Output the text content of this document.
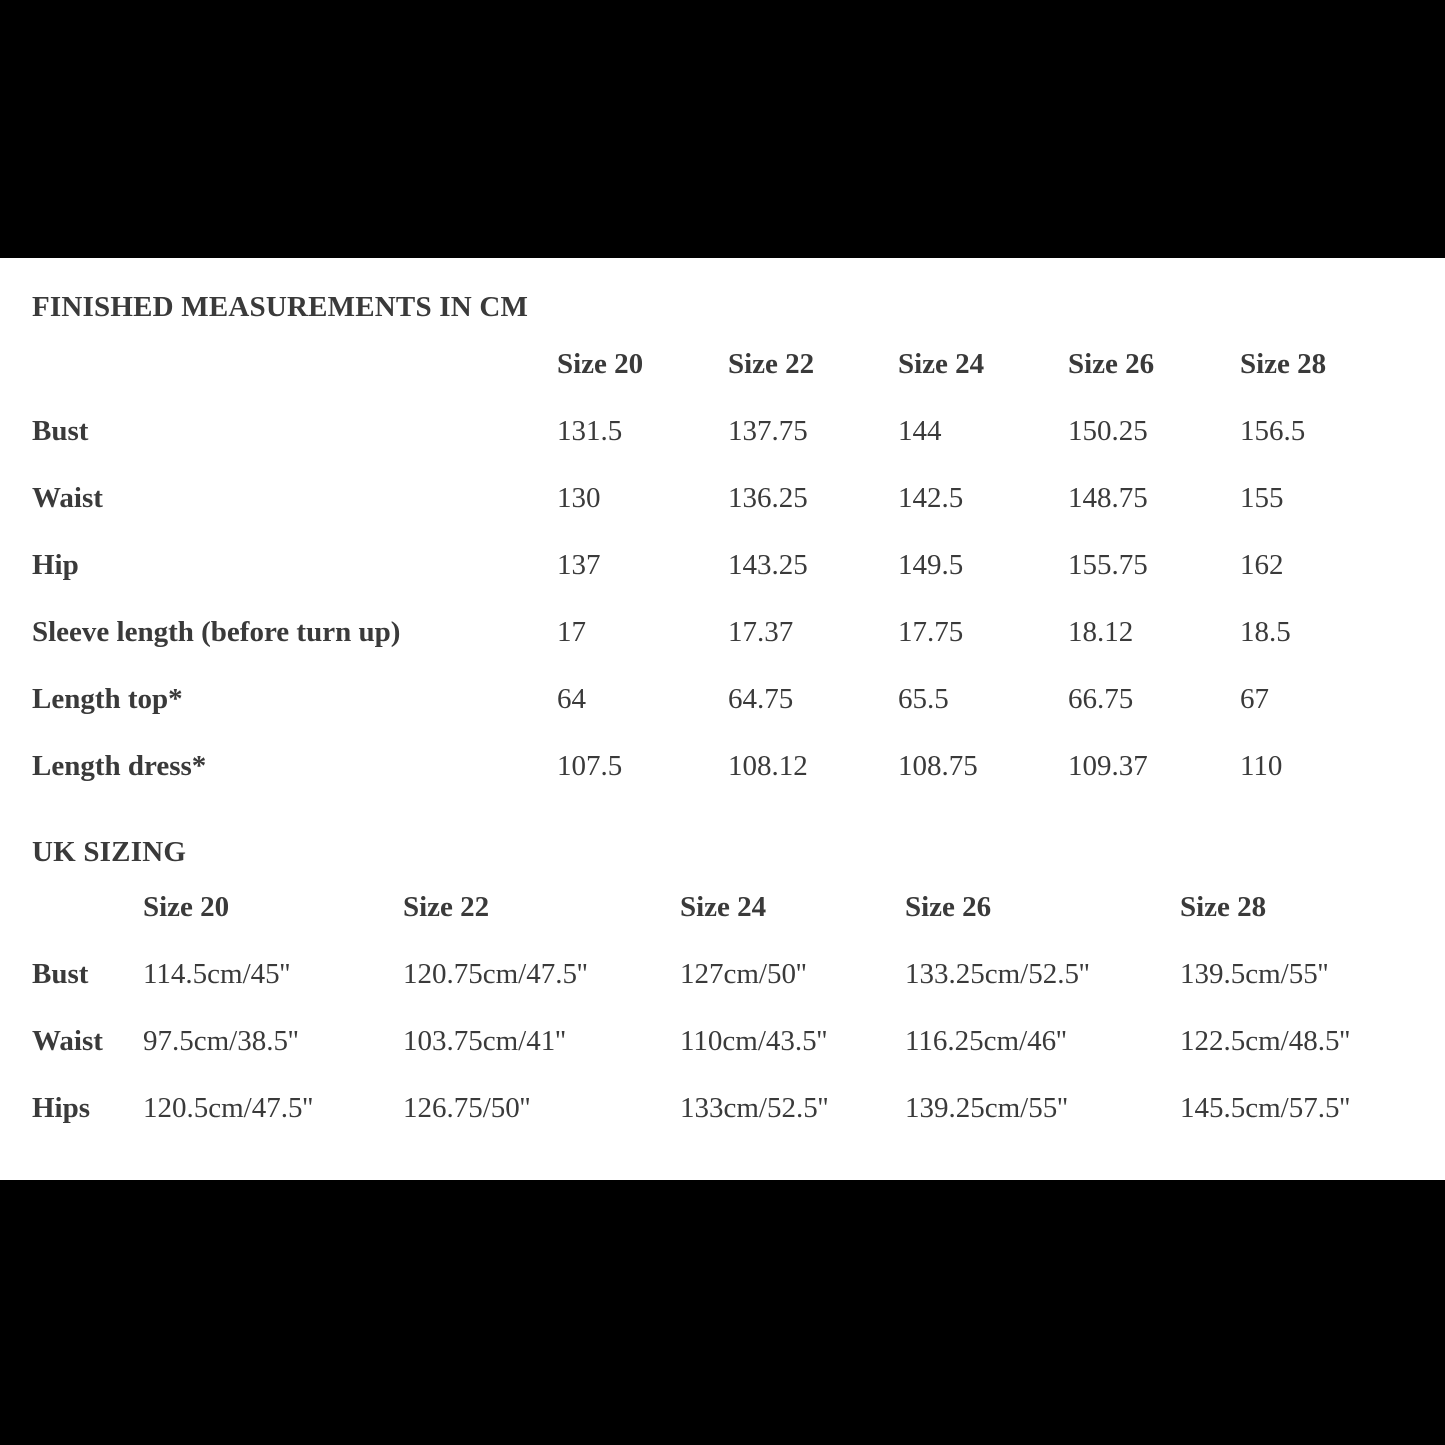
FINISHED MEASUREMENTS IN CM
	Size 20	Size 22	Size 24	Size 26	Size 28
Bust	131.5	137.75	144	150.25	156.5
Waist	130	136.25	142.5	148.75	155
Hip	137	143.25	149.5	155.75	162
Sleeve length (before turn up)	17	17.37	17.75	18.12	18.5
Length top*	64	64.75	65.5	66.75	67
Length dress*	107.5	108.12	108.75	109.37	110
UK SIZING
	Size 20	Size 22	Size 24	Size 26	Size 28
Bust	114.5cm/45''	120.75cm/47.5''	127cm/50''	133.25cm/52.5''	139.5cm/55''
Waist	97.5cm/38.5''	103.75cm/41''	110cm/43.5''	116.25cm/46''	122.5cm/48.5''
Hips	120.5cm/47.5''	126.75/50''	133cm/52.5''	139.25cm/55''	145.5cm/57.5''
